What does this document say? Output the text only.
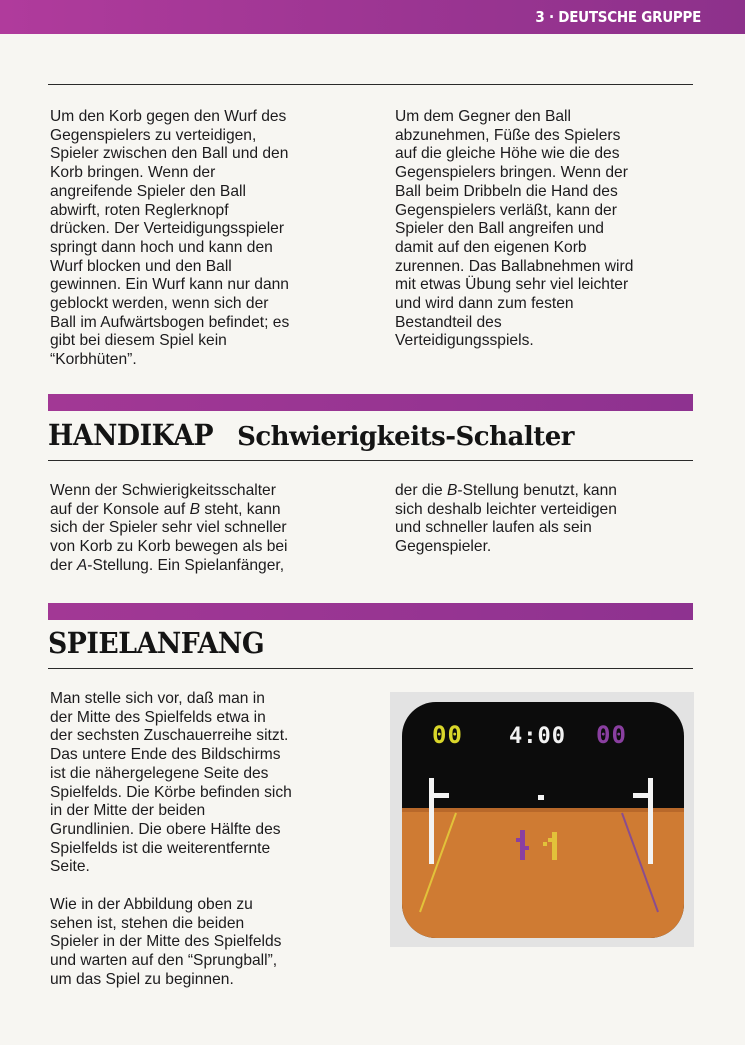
3 · DEUTSCHE GRUPPE
Um den Korb gegen den Wurf des
Gegenspielers zu verteidigen,
Spieler zwischen den Ball und den
Korb bringen. Wenn der
angreifende Spieler den Ball
abwirft, roten Reglerknopf
drücken. Der Verteidigungsspieler
springt dann hoch und kann den
Wurf blocken und den Ball
gewinnen. Ein Wurf kann nur dann
geblockt werden, wenn sich der
Ball im Aufwärtsbogen befindet; es
gibt bei diesem Spiel kein
“Korbhüten”.
Um dem Gegner den Ball
abzunehmen, Füße des Spielers
auf die gleiche Höhe wie die des
Gegenspielers bringen. Wenn der
Ball beim Dribbeln die Hand des
Gegenspielers verläßt, kann der
Spieler den Ball angreifen und
damit auf den eigenen Korb
zurennen. Das Ballabnehmen wird
mit etwas Übung sehr viel leichter
und wird dann zum festen
Bestandteil des
Verteidigungsspiels.
HANDIKAP Schwierigkeits-Schalter
Wenn der Schwierigkeitsschalter
auf der Konsole auf B steht, kann
sich der Spieler sehr viel schneller
von Korb zu Korb bewegen als bei
der A-Stellung. Ein Spielanfänger,
der die B-Stellung benutzt, kann
sich deshalb leichter verteidigen
und schneller laufen als sein
Gegenspieler.
SPIELANFANG
Man stelle sich vor, daß man in
der Mitte des Spielfelds etwa in
der sechsten Zuschauerreihe sitzt.
Das untere Ende des Bildschirms
ist die nähergelegene Seite des
Spielfelds. Die Körbe befinden sich
in der Mitte der beiden
Grundlinien. Die obere Hälfte des
Spielfelds ist die weiterentfernte
Seite.
Wie in der Abbildung oben zu
sehen ist, stehen die beiden
Spieler in der Mitte des Spielfelds
und warten auf den “Sprungball”,
um das Spiel zu beginnen.
00 4:00 00
